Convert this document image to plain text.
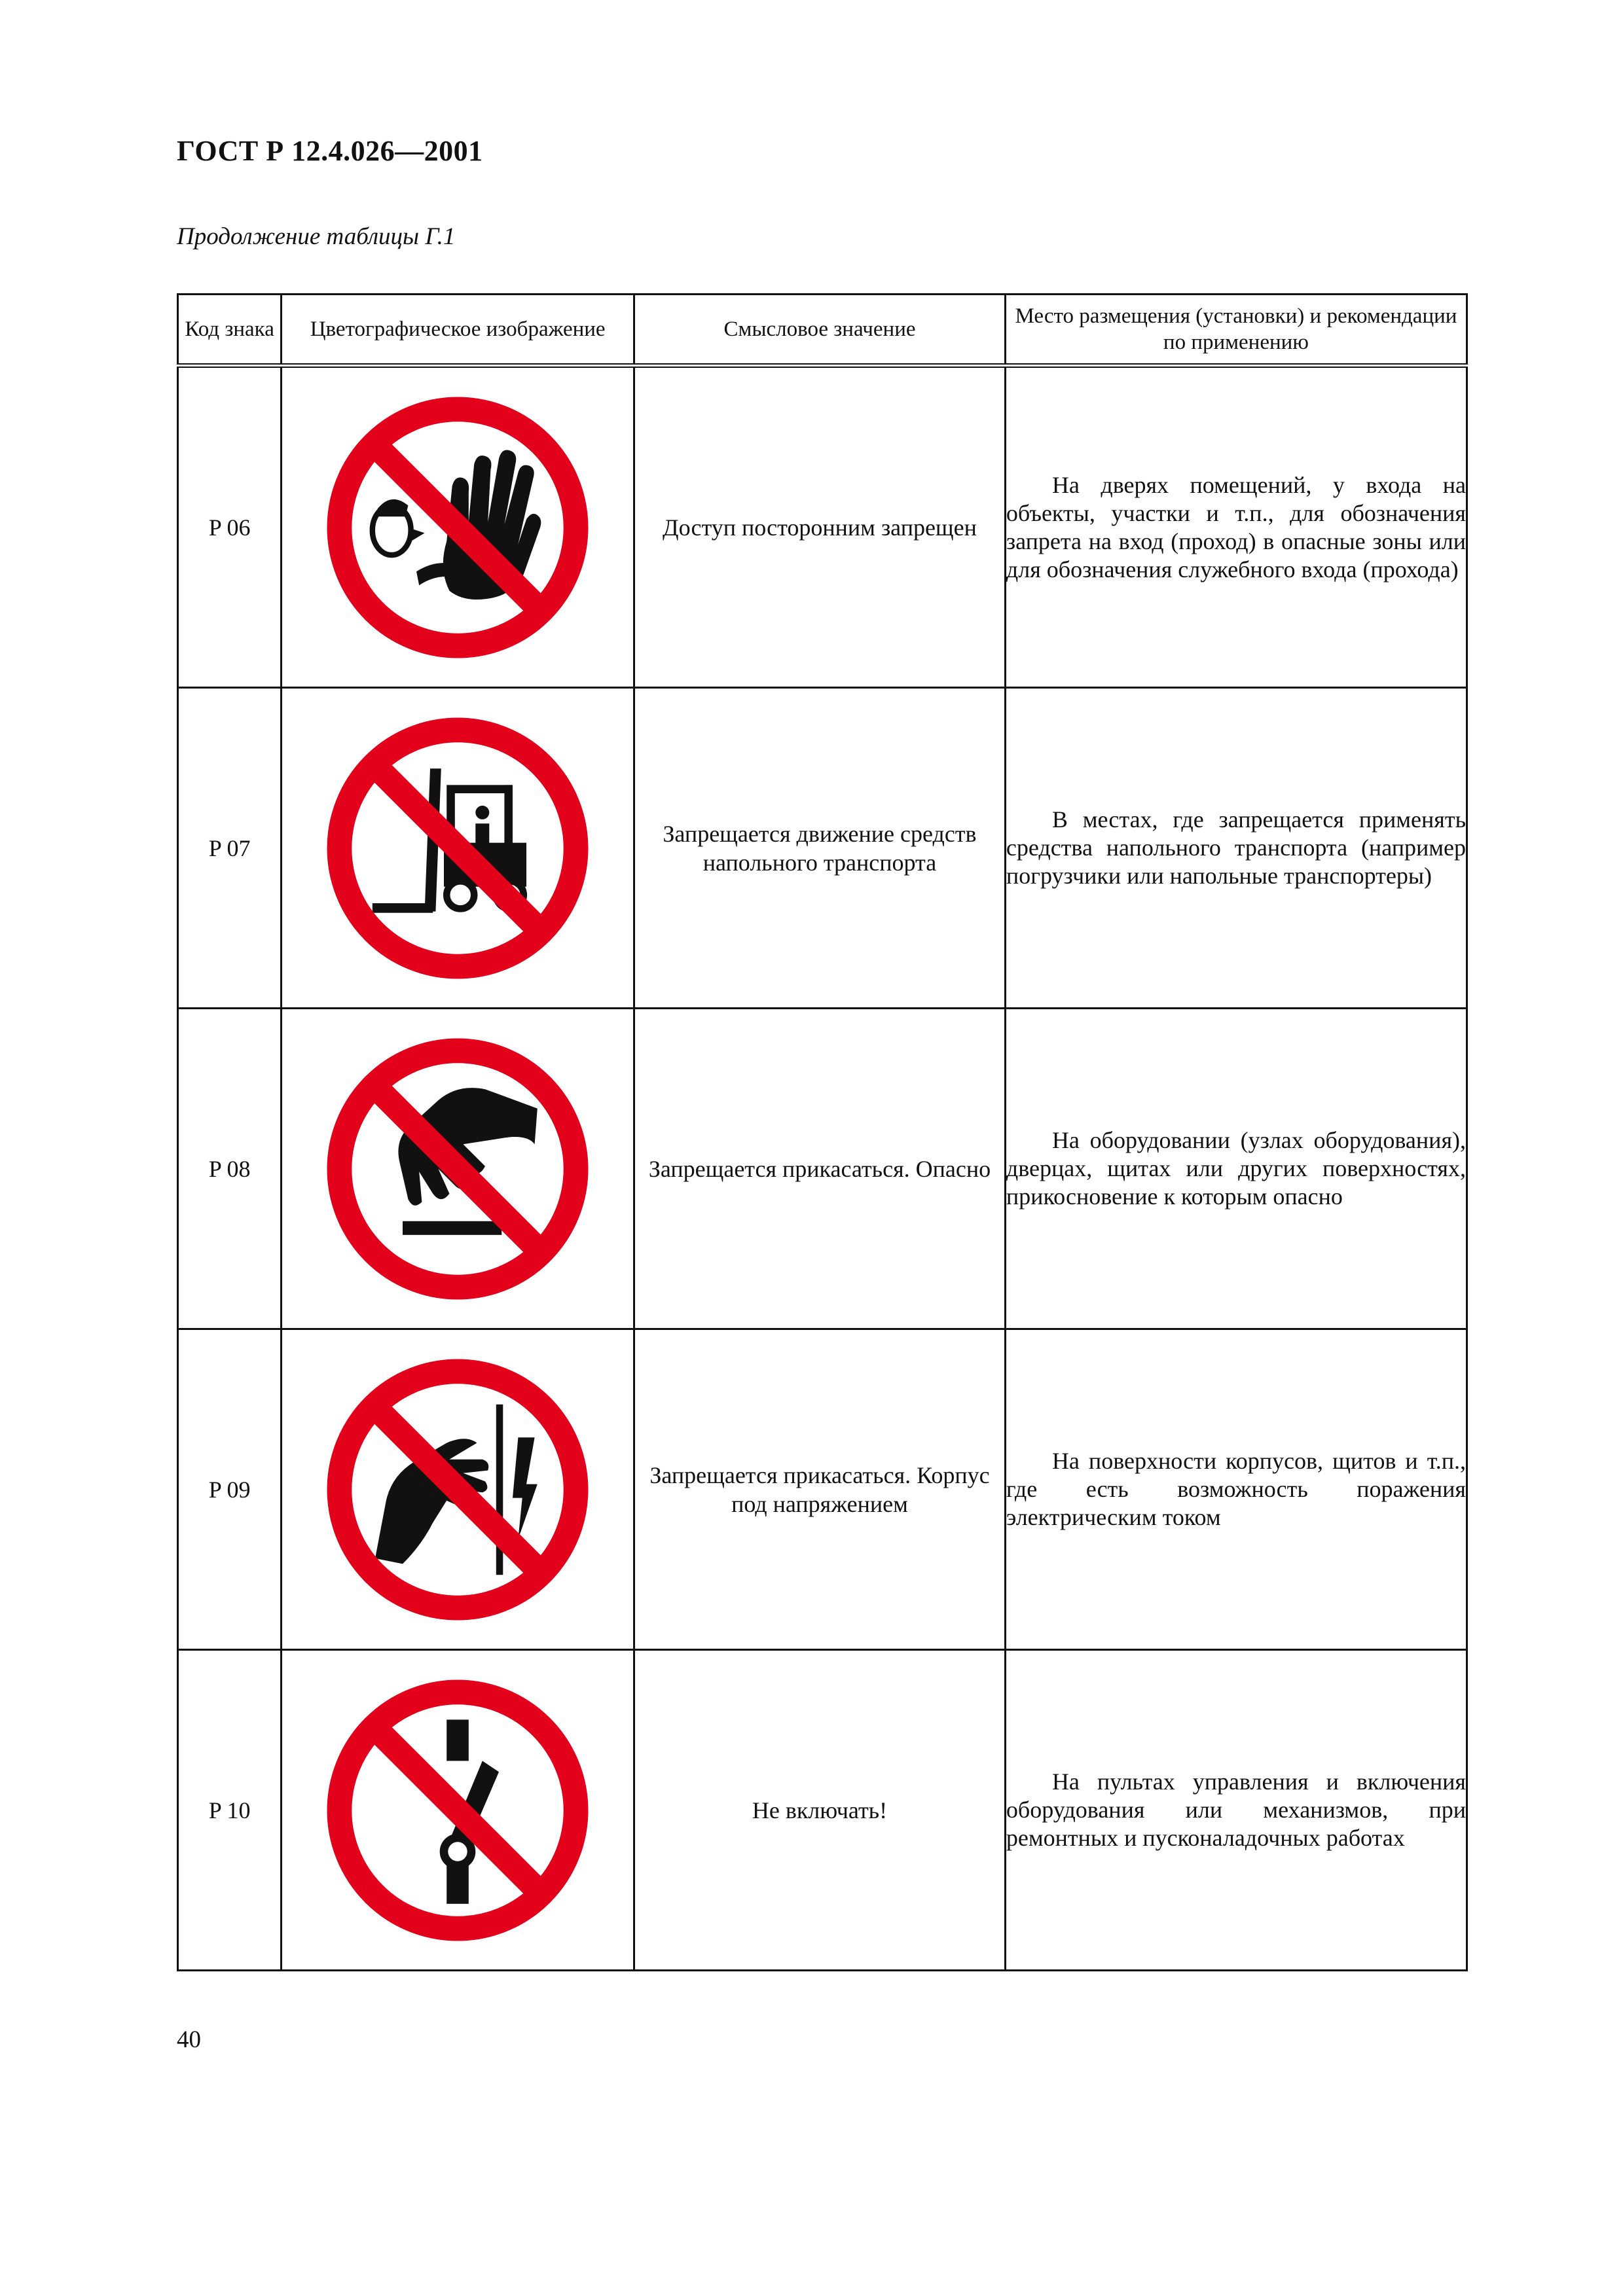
ГОСТ Р 12.4.026—2001
Продолжение таблицы Г.1
Код знака	Цветографическое изображение	Смысловое значение	Место размещения (установки) и рекомендации по применению
P 06		Доступ посторонним запрещен	На дверях помещений, у входа на объекты, участки и т.п., для обозначения запрета на вход (проход) в опасные зоны или для обозначения служебного входа (прохода)
P 07		Запрещается движение средств напольного транспорта	В местах, где запрещается применять средства напольного транспорта (например погрузчики или напольные транспортеры)
P 08		Запрещается прикасаться. Опасно	На оборудовании (узлах оборудования), дверцах, щитах или других поверхностях, прикосновение к которым опасно
P 09		Запрещается прикасаться. Корпус под напряжением	На поверхности корпусов, щитов и т.п., где есть возможность поражения электрическим током
P 10		Не включать!	На пультах управления и включения оборудования или механизмов, при ремонтных и пусконаладочных работах
40
